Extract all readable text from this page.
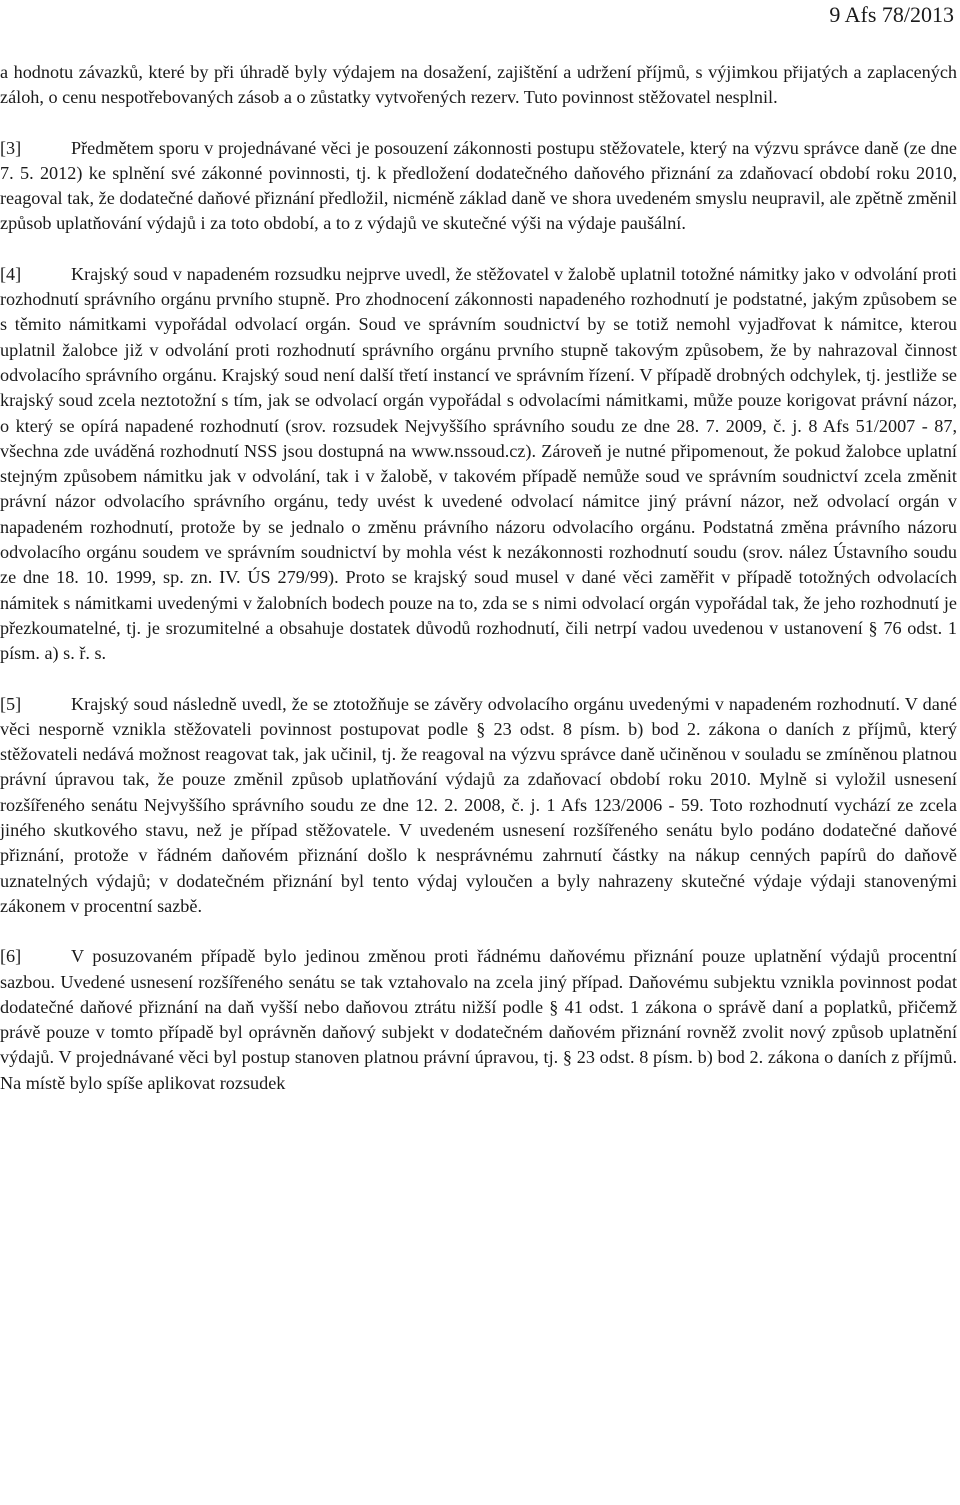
9 Afs 78/2013

a hodnotu závazků, které by při úhradě byly výdajem na dosažení, zajištění a udržení příjmů, s výjimkou přijatých a zaplacených záloh, o cenu nespotřebovaných zásob a o zůstatky vytvořených rezerv. Tuto povinnost stěžovatel nesplnil.

[3]	Předmětem sporu v projednávané věci je posouzení zákonnosti postupu stěžovatele, který na výzvu správce daně (ze dne 7. 5. 2012) ke splnění své zákonné povinnosti, tj. k předložení dodatečného daňového přiznání za zdaňovací období roku 2010, reagoval tak, že dodatečné daňové přiznání předložil, nicméně základ daně ve shora uvedeném smyslu neupravil, ale zpětně změnil způsob uplatňování výdajů i za toto období, a to z výdajů ve skutečné výši na výdaje paušální.

[4]	Krajský soud v napadeném rozsudku nejprve uvedl, že stěžovatel v žalobě uplatnil totožné námitky jako v odvolání proti rozhodnutí správního orgánu prvního stupně. Pro zhodnocení zákonnosti napadeného rozhodnutí je podstatné, jakým způsobem se s těmito námitkami vypořádal odvolací orgán. Soud ve správním soudnictví by se totiž nemohl vyjadřovat k námitce, kterou uplatnil žalobce již v odvolání proti rozhodnutí správního orgánu prvního stupně takovým způsobem, že by nahrazoval činnost odvolacího správního orgánu. Krajský soud není další třetí instancí ve správním řízení. V případě drobných odchylek, tj. jestliže se krajský soud zcela neztotožní s tím, jak se odvolací orgán vypořádal s odvolacími námitkami, může pouze korigovat právní názor, o který se opírá napadené rozhodnutí (srov. rozsudek Nejvyššího správního soudu ze dne 28. 7. 2009, č. j. 8 Afs 51/2007 - 87, všechna zde uváděná rozhodnutí NSS jsou dostupná na www.nssoud.cz). Zároveň je nutné připomenout, že pokud žalobce uplatní stejným způsobem námitku jak v odvolání, tak i v žalobě, v takovém případě nemůže soud ve správním soudnictví zcela změnit právní názor odvolacího správního orgánu, tedy uvést k uvedené odvolací námitce jiný právní názor, než odvolací orgán v napadeném rozhodnutí, protože by se jednalo o změnu právního názoru odvolacího orgánu. Podstatná změna právního názoru odvolacího orgánu soudem ve správním soudnictví by mohla vést k nezákonnosti rozhodnutí soudu (srov. nález Ústavního soudu ze dne 18. 10. 1999, sp. zn. IV. ÚS 279/99). Proto se krajský soud musel v dané věci zaměřit v případě totožných odvolacích námitek s námitkami uvedenými v žalobních bodech pouze na to, zda se s nimi odvolací orgán vypořádal tak, že jeho rozhodnutí je přezkoumatelné, tj. je srozumitelné a obsahuje dostatek důvodů rozhodnutí, čili netrpí vadou uvedenou v ustanovení § 76 odst. 1 písm. a) s. ř. s.

[5]	Krajský soud následně uvedl, že se ztotožňuje se závěry odvolacího orgánu uvedenými v napadeném rozhodnutí. V dané věci nesporně vznikla stěžovateli povinnost postupovat podle § 23 odst. 8 písm. b) bod 2. zákona o daních z příjmů, který stěžovateli nedává možnost reagovat tak, jak učinil, tj. že reagoval na výzvu správce daně učiněnou v souladu se zmíněnou platnou právní úpravou tak, že pouze změnil způsob uplatňování výdajů za zdaňovací období roku 2010. Mylně si vyložil usnesení rozšířeného senátu Nejvyššího správního soudu ze dne 12. 2. 2008, č. j. 1 Afs 123/2006 - 59. Toto rozhodnutí vychází ze zcela jiného skutkového stavu, než je případ stěžovatele. V uvedeném usnesení rozšířeného senátu bylo podáno dodatečné daňové přiznání, protože v řádném daňovém přiznání došlo k nesprávnému zahrnutí částky na nákup cenných papírů do daňově uznatelných výdajů; v dodatečném přiznání byl tento výdaj vyloučen a byly nahrazeny skutečné výdaje výdaji stanovenými zákonem v procentní sazbě.

[6]	V posuzovaném případě bylo jedinou změnou proti řádnému daňovému přiznání pouze uplatnění výdajů procentní sazbou. Uvedené usnesení rozšířeného senátu se tak vztahovalo na zcela jiný případ. Daňovému subjektu vznikla povinnost podat dodatečné daňové přiznání na daň vyšší nebo daňovou ztrátu nižší podle § 41 odst. 1 zákona o správě daní a poplatků, přičemž právě pouze v tomto případě byl oprávněn daňový subjekt v dodatečném daňovém přiznání rovněž zvolit nový způsob uplatnění výdajů. V projednávané věci byl postup stanoven platnou právní úpravou, tj. § 23 odst. 8 písm. b) bod 2. zákona o daních z příjmů. Na místě bylo spíše aplikovat rozsudek
